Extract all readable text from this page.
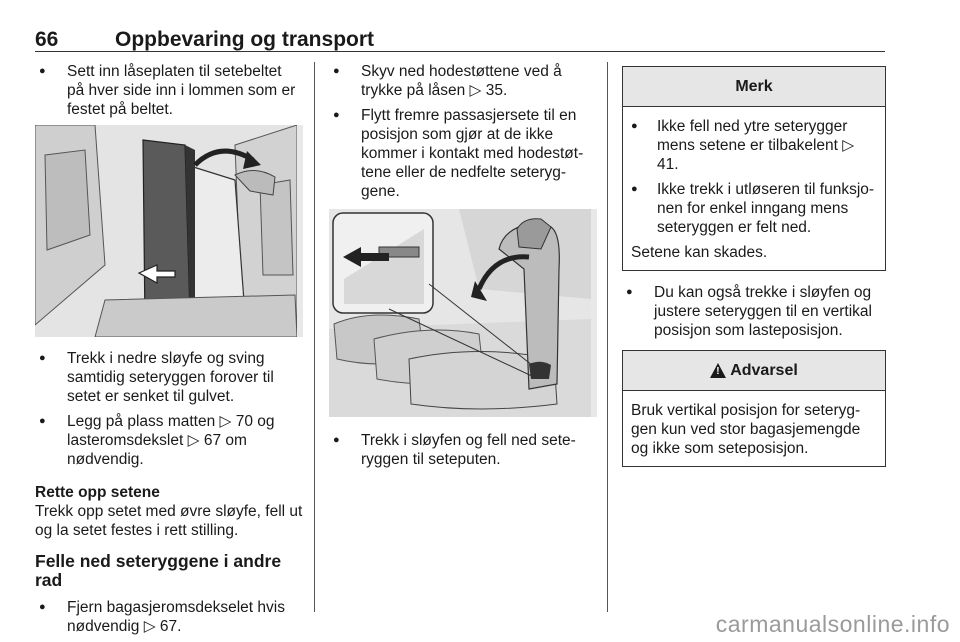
66	Oppbevaring og transport
● Sett inn låseplaten til setebeltet på hver side inn i lommen som er festet på beltet.
● Trekk i nedre sløyfe og sving samtidig seteryggen forover til setet er senket til gulvet.
● Legg på plass matten ▷ 70 og lasteromsdekslet ▷ 67 om nødvendig.
Rette opp setene
Trekk opp setet med øvre sløyfe, fell ut og la setet festes i rett stilling.
Felle ned seteryggene i andre rad
● Fjern bagasjeromsdekselet hvis nødvendig ▷ 67.
● Skyv ned hodestøttene ved å trykke på låsen ▷ 35.
● Flytt fremre passasjersete til en posisjon som gjør at de ikke kommer i kontakt med hodestøt-tene eller de nedfelte seteryg-gene.
● Trekk i sløyfen og fell ned sete-ryggen til seteputen.
Merk
● Ikke fell ned ytre seterygger mens setene er tilbakelent ▷ 41.
● Ikke trekk i utløseren til funksjo-nen for enkel inngang mens seteryggen er felt ned.
Setene kan skades.
● Du kan også trekke i sløyfen og justere seteryggen til en vertikal posisjon som lasteposisjon.
!
Advarsel
Bruk vertikal posisjon for seteryg-gen kun ved stor bagasjemengde og ikke som seteposisjon.
carmanualsonline.info
